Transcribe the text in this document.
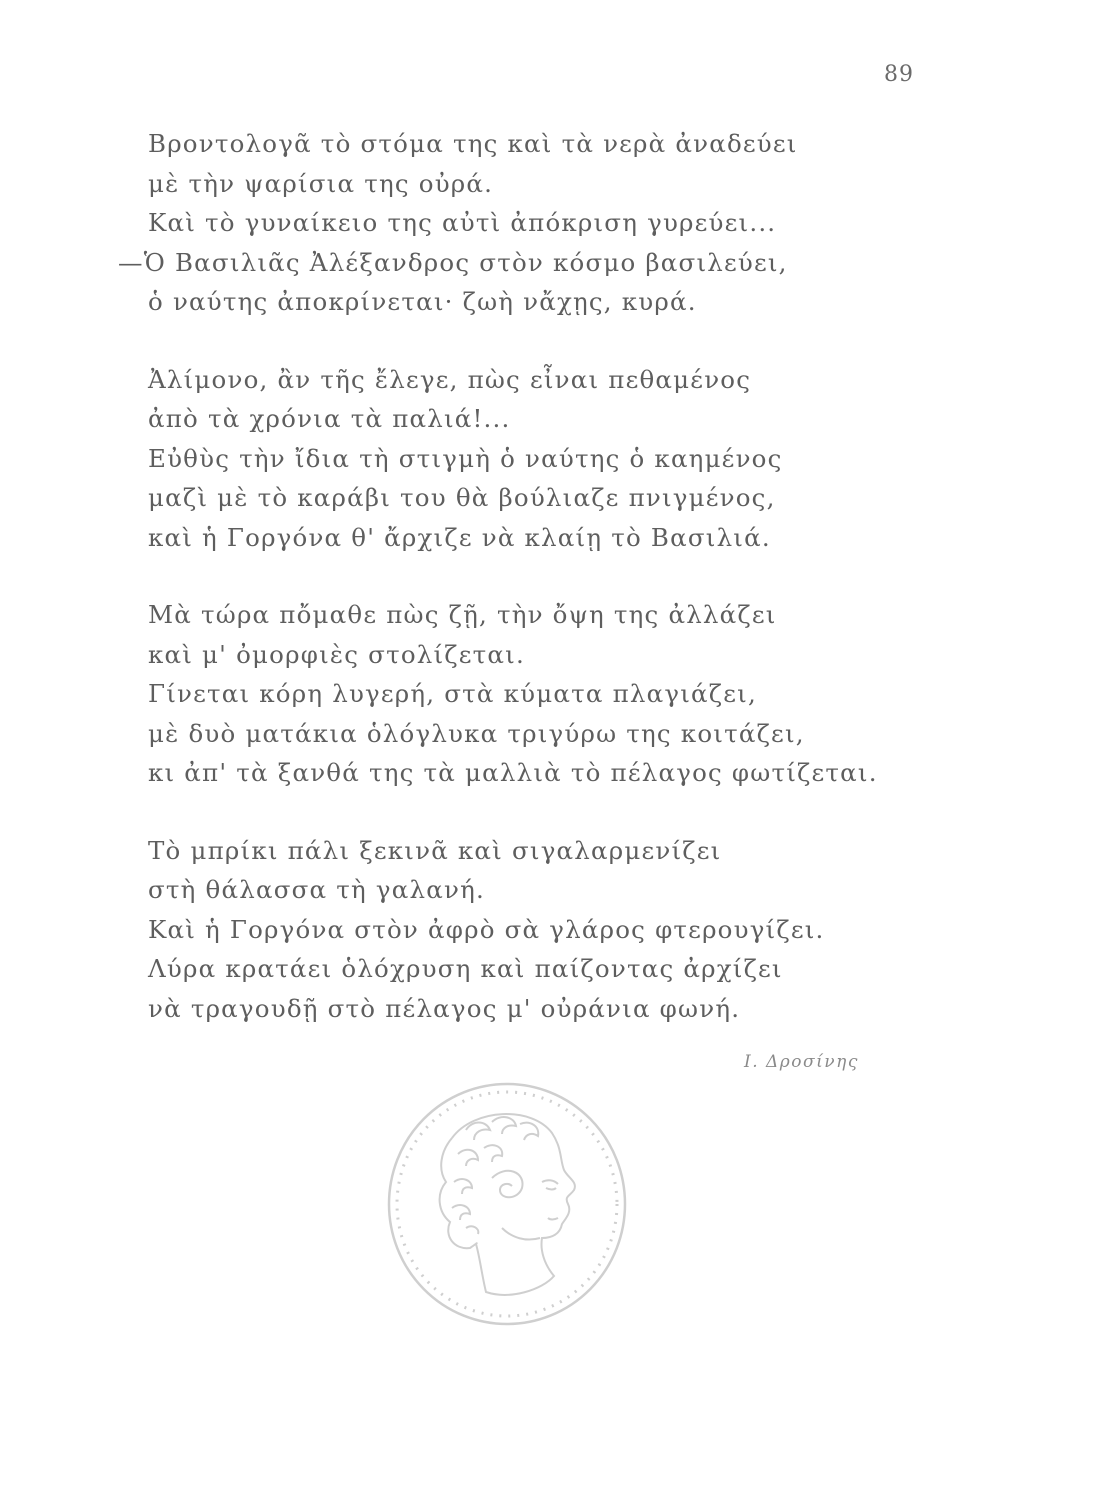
89
Βροντολογᾶ τὸ στόμα της καὶ τὰ νερὰ ἀναδεύει
μὲ τὴν ψαρίσια της οὐρά.
Καὶ τὸ γυναίκειο της αὐτὶ ἀπόκριση γυρεύει...
—Ὁ Βασιλιᾶς Ἀλέξανδρος στὸν κόσμο βασιλεύει,
ὁ ναύτης ἀποκρίνεται· ζωὴ νἄχῃς, κυρά.
Ἀλίμονο, ἂν τῆς ἔλεγε, πὼς εἶναι πεθαμένος
ἀπὸ τὰ χρόνια τὰ παλιά!...
Εὐθὺς τὴν ἴδια τὴ στιγμὴ ὁ ναύτης ὁ καημένος
μαζὶ μὲ τὸ καράβι του θὰ βούλιαζε πνιγμένος,
καὶ ἡ Γοργόνα θ' ἄρχιζε νὰ κλαίῃ τὸ Βασιλιά.
Μὰ τώρα πὄμαθε πὼς ζῇ, τὴν ὄψη της ἀλλάζει
καὶ μ' ὀμορφιὲς στολίζεται.
Γίνεται κόρη λυγερή, στὰ κύματα πλαγιάζει,
μὲ δυὸ ματάκια ὁλόγλυκα τριγύρω της κοιτάζει,
κι ἀπ' τὰ ξανθά της τὰ μαλλιὰ τὸ πέλαγος φωτίζεται.
Τὸ μπρίκι πάλι ξεκινᾶ καὶ σιγαλαρμενίζει
στὴ θάλασσα τὴ γαλανή.
Καὶ ἡ Γοργόνα στὸν ἀφρὸ σὰ γλάρος φτερουγίζει.
Λύρα κρατάει ὁλόχρυση καὶ παίζοντας ἀρχίζει
νὰ τραγουδῇ στὸ πέλαγος μ' οὐράνια φωνή.
Ι. Δροσίνης
